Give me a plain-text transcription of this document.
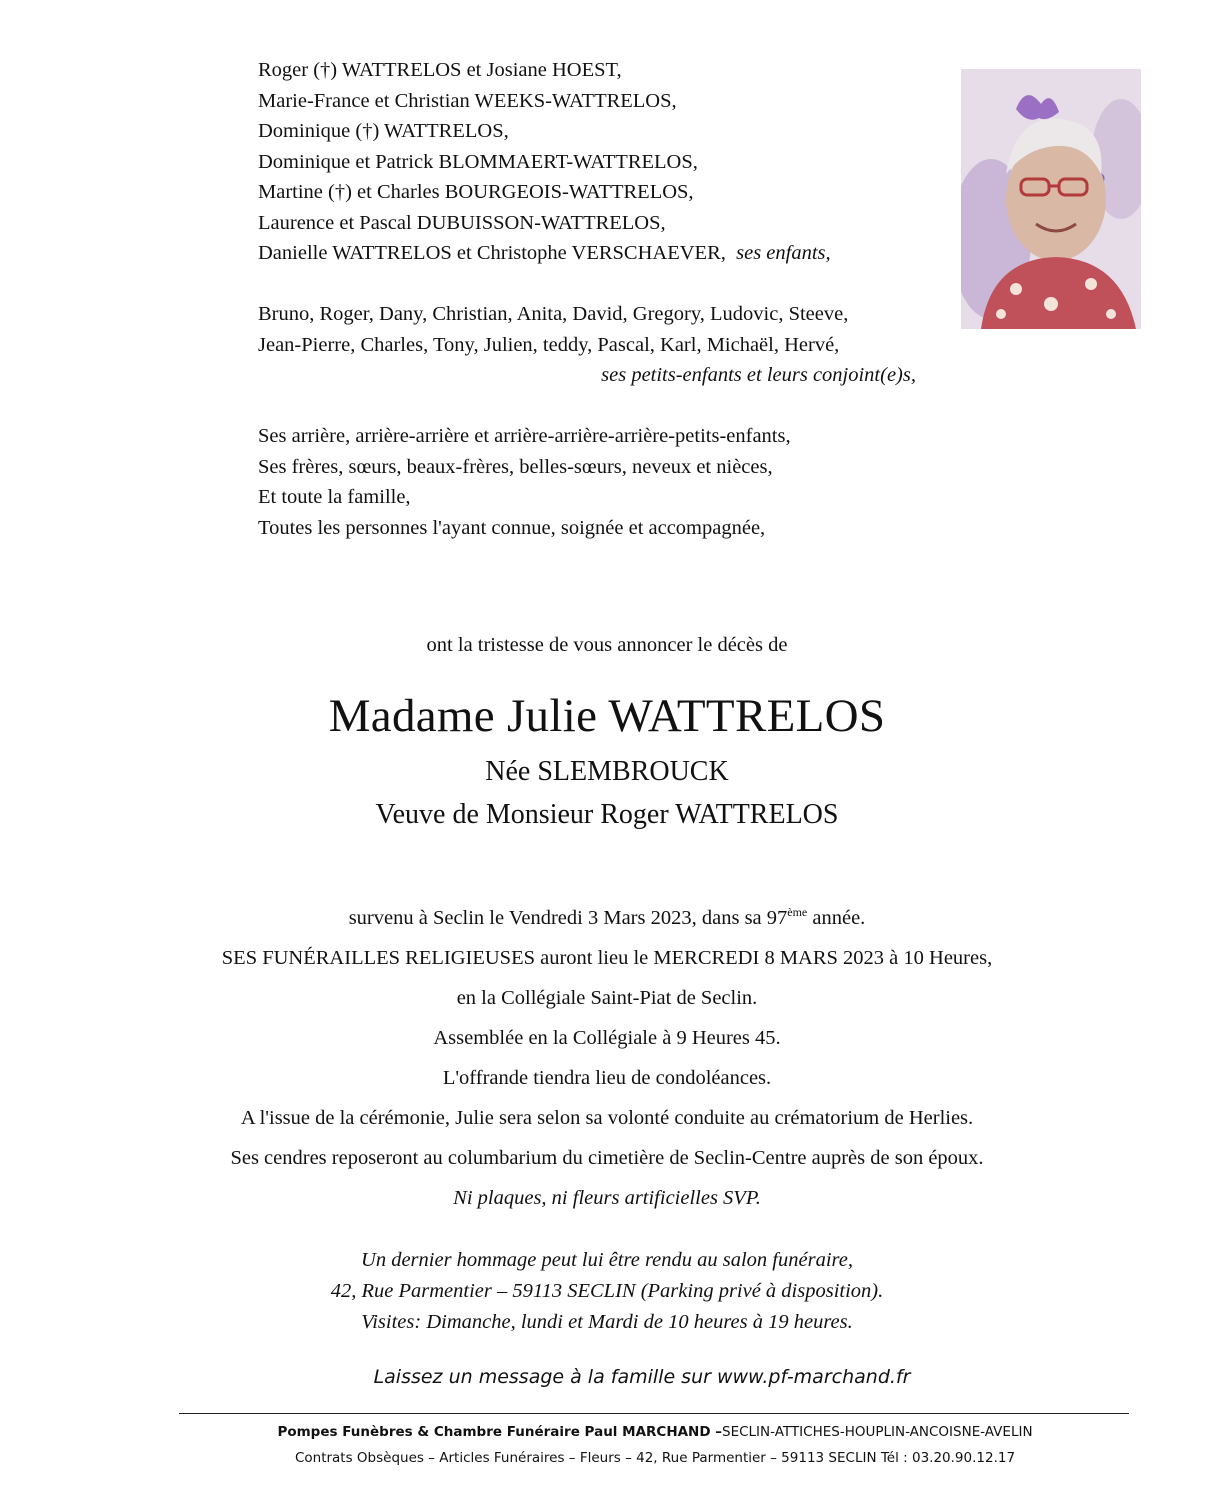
Roger (†) WATTRELOS et Josiane HOEST,
Marie-France et Christian WEEKS-WATTRELOS,
Dominique (†) WATTRELOS,
Dominique et Patrick BLOMMAERT-WATTRELOS,
Martine (†) et Charles BOURGEOIS-WATTRELOS,
Laurence et Pascal DUBUISSON-WATTRELOS,
Danielle WATTRELOS et Christophe VERSCHAEVER, ses enfants,
Bruno, Roger, Dany, Christian, Anita, David, Gregory, Ludovic, Steeve,
Jean-Pierre, Charles, Tony, Julien, teddy, Pascal, Karl, Michaël, Hervé,
ses petits-enfants et leurs conjoint(e)s,
Ses arrière, arrière-arrière et arrière-arrière-arrière-petits-enfants,
Ses frères, sœurs, beaux-frères, belles-sœurs, neveux et nièces,
Et toute la famille,
Toutes les personnes l'ayant connue, soignée et accompagnée,
ont la tristesse de vous annoncer le décès de
Madame Julie WATTRELOS
Née SLEMBROUCK
Veuve de Monsieur Roger WATTRELOS
survenu à Seclin le Vendredi 3 Mars 2023, dans sa 97ème année.
SES FUNÉRAILLES RELIGIEUSES auront lieu le MERCREDI 8 MARS 2023 à 10 Heures,
en la Collégiale Saint-Piat de Seclin.
Assemblée en la Collégiale à 9 Heures 45.
L'offrande tiendra lieu de condoléances.
A l'issue de la cérémonie, Julie sera selon sa volonté conduite au crématorium de Herlies.
Ses cendres reposeront au columbarium du cimetière de Seclin-Centre auprès de son époux.
Ni plaques, ni fleurs artificielles SVP.
Un dernier hommage peut lui être rendu au salon funéraire,
42, Rue Parmentier – 59113 SECLIN (Parking privé à disposition).
Visites: Dimanche, lundi et Mardi de 10 heures à 19 heures.
Laissez un message à la famille sur www.pf-marchand.fr
Pompes Funèbres & Chambre Funéraire Paul MARCHAND –SECLIN-ATTICHES-HOUPLIN-ANCOISNE-AVELIN
Contrats Obsèques – Articles Funéraires – Fleurs – 42, Rue Parmentier – 59113 SECLIN Tél : 03.20.90.12.17
